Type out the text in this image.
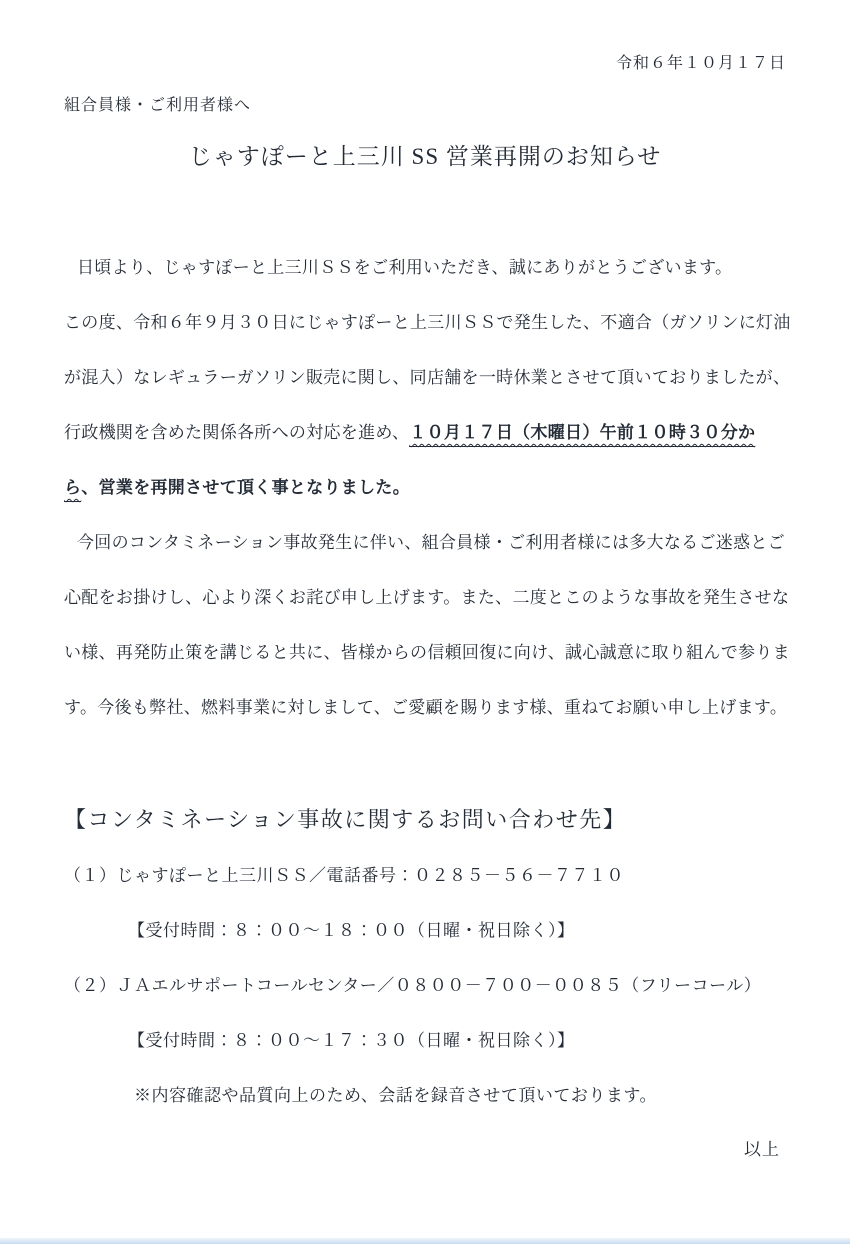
令和６年１０月１７日
組合員様・ご利用者様へ
じゃすぽーと上三川 SS 営業再開のお知らせ
日頃より、じゃすぽーと上三川ＳＳをご利用いただき、誠にありがとうございます。
この度、令和６年９月３０日にじゃすぽーと上三川ＳＳで発生した、不適合（ガソリンに灯油
が混入）なレギュラーガソリン販売に関し、同店舗を一時休業とさせて頂いておりましたが、
行政機関を含めた関係各所への対応を進め、１０月１７日（木曜日）午前１０時３０分か
ら、営業を再開させて頂く事となりました。
今回のコンタミネーション事故発生に伴い、組合員様・ご利用者様には多大なるご迷惑とご
心配をお掛けし、心より深くお詫び申し上げます。また、二度とこのような事故を発生させな
い様、再発防止策を講じると共に、皆様からの信頼回復に向け、誠心誠意に取り組んで参りま
す。今後も弊社、燃料事業に対しまして、ご愛顧を賜ります様、重ねてお願い申し上げます。
【コンタミネーション事故に関するお問い合わせ先】
（１）じゃすぽーと上三川ＳＳ／電話番号：０２８５－５６－７７１０
【受付時間：８：００～１８：００（日曜・祝日除く）】
（２）ＪＡエルサポートコールセンター／０８００－７００－００８５（フリーコール）
【受付時間：８：００～１７：３０（日曜・祝日除く）】
※内容確認や品質向上のため、会話を録音させて頂いております。
以上
